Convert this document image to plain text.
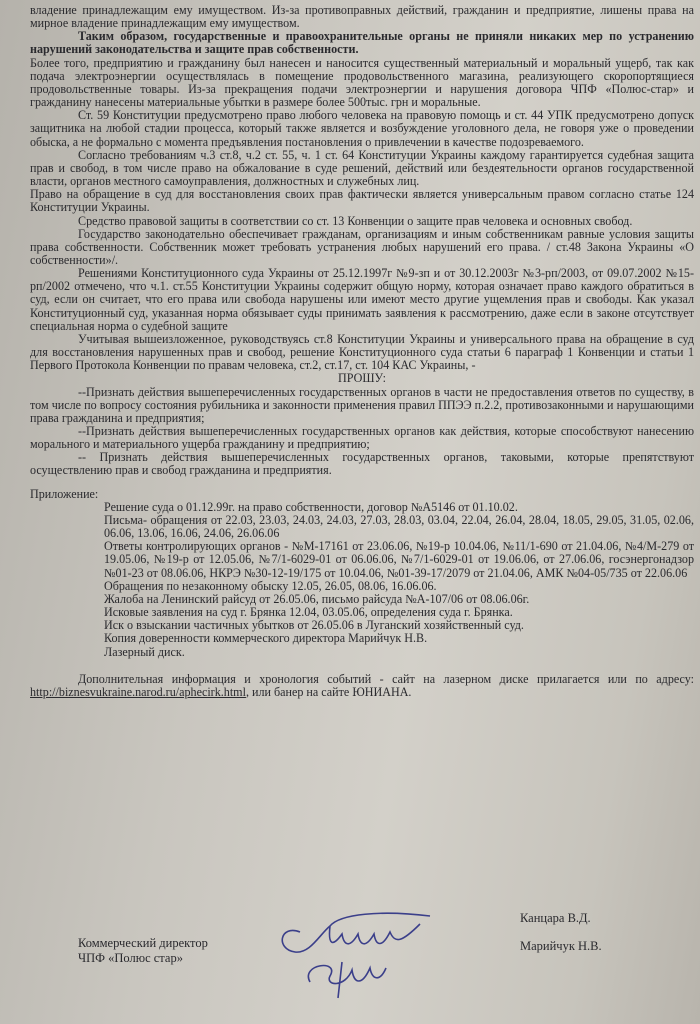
владение принадлежащим ему имуществом. Из-за противоправных действий, гражданин и предприятие, лишены права на мирное владение принадлежащим ему имуществом.

Таким образом, государственные и правоохранительные органы не приняли никаких мер по устранению нарушений законодательства и защите прав собственности.

Более того, предприятию и гражданину был нанесен и наносится существенный материальный и моральный ущерб, так как подача электроэнергии осуществлялась в помещение продовольственного магазина, реализующего скоропортящиеся продовольственные товары. Из-за прекращения подачи электроэнергии и нарушения договора ЧПФ «Полюс-стар» и гражданину нанесены материальные убытки в размере более 500тыс. грн и моральные.

Ст. 59 Конституции предусмотрено право любого человека на правовую помощь и ст. 44 УПК предусмотрено допуск защитника на любой стадии процесса, который также является и возбуждение уголовного дела, не говоря уже о проведении обыска, а не формально с момента предъявления постановления о привлечении в качестве подозреваемого.

Согласно требованиям ч.3 ст.8, ч.2 ст. 55, ч. 1 ст. 64 Конституции Украины каждому гарантируется судебная защита прав и свобод, в том числе право на обжалование в суде решений, действий или бездеятельности органов государственной власти, органов местного самоуправления, должностных и служебных лиц.

Право на обращение в суд для восстановления своих прав фактически является универсальным правом согласно статье 124 Конституции Украины.

Средство правовой защиты в соответствии со ст. 13 Конвенции о защите прав человека и основных свобод.

Государство законодательно обеспечивает гражданам, организациям и иным собственникам равные условия защиты права собственности. Собственник может требовать устранения любых нарушений его права. / ст.48 Закона Украины «О собственности»/.

Решениями Конституционного суда Украины от 25.12.1997г №9-зп и от 30.12.2003г №3-рп/2003, от 09.07.2002 №15-рп/2002 отмечено, что ч.1. ст.55 Конституции Украины содержит общую норму, которая означает право каждого обратиться в суд, если он считает, что его права или свобода нарушены или имеют место другие ущемления прав и свободы. Как указал Конституционный суд, указанная норма обязывает суды принимать заявления к рассмотрению, даже если в законе отсутствует специальная норма о судебной защите

Учитывая вышеизложенное, руководствуясь ст.8 Конституции Украины и универсального права на обращение в суд для восстановления нарушенных прав и свобод, решение Конституционного суда статьи 6 параграф 1 Конвенции и статьи 1 Первого Протокола Конвенции по правам человека, ст.2, ст.17, ст. 104 КАС Украины, -

ПРОШУ:

--Признать действия вышеперечисленных государственных органов в части не предоставления ответов по существу, в том числе по вопросу состояния рубильника и законности применения правил ППЭЭ п.2.2, противозаконными и нарушающими права гражданина и предприятия;

--Признать действия вышеперечисленных государственных органов как действия, которые способствуют нанесению морального и материального ущерба гражданину и предприятию;

-- Признать действия вышеперечисленных государственных органов, таковыми, которые препятствуют осуществлению прав и свобод гражданина и предприятия.

Приложение:

Решение суда о 01.12.99г. на право собственности, договор №А5146 от 01.10.02.

Письма- обращения от 22.03, 23.03, 24.03, 24.03, 27.03, 28.03, 03.04, 22.04, 26.04, 28.04, 18.05, 29.05, 31.05, 02.06, 06.06, 13.06, 16.06, 24.06, 26.06.06

Ответы контролирующих органов - №М-17161 от 23.06.06, №19-р 10.04.06, №11/1-690 от 21.04.06, №4/М-279 от 19.05.06, №19-р от 12.05.06, №7/1-6029-01 от 06.06.06, №7/1-6029-01 от 19.06.06, от 27.06.06, госэнергонадзор №01-23 от 08.06.06, НКРЭ №30-12-19/175 от 10.04.06, №01-39-17/2079 от 21.04.06, АМК №04-05/735 от 22.06.06

Обращения по незаконному обыску 12.05, 26.05, 08.06, 16.06.06.

Жалоба на Ленинский райсуд от 26.05.06, письмо райсуда №А-107/06 от 08.06.06г.

Исковые заявления на суд г. Брянка 12.04, 03.05.06, определения суда г. Брянка.

Иск о взыскании частичных убытков от 26.05.06 в Луганский хозяйственный суд.

Копия доверенности коммерческого директора Марийчук Н.В.

Лазерный диск.

Дополнительная информация и хронология событий - сайт на лазерном диске прилагается или по адресу: http://biznesvukraine.narod.ru/aphecirk.html, или банер на сайте ЮНИАНА.

Канцара В.Д.
Марийчук Н.В.
Коммерческий директор
ЧПФ «Полюс стар»
